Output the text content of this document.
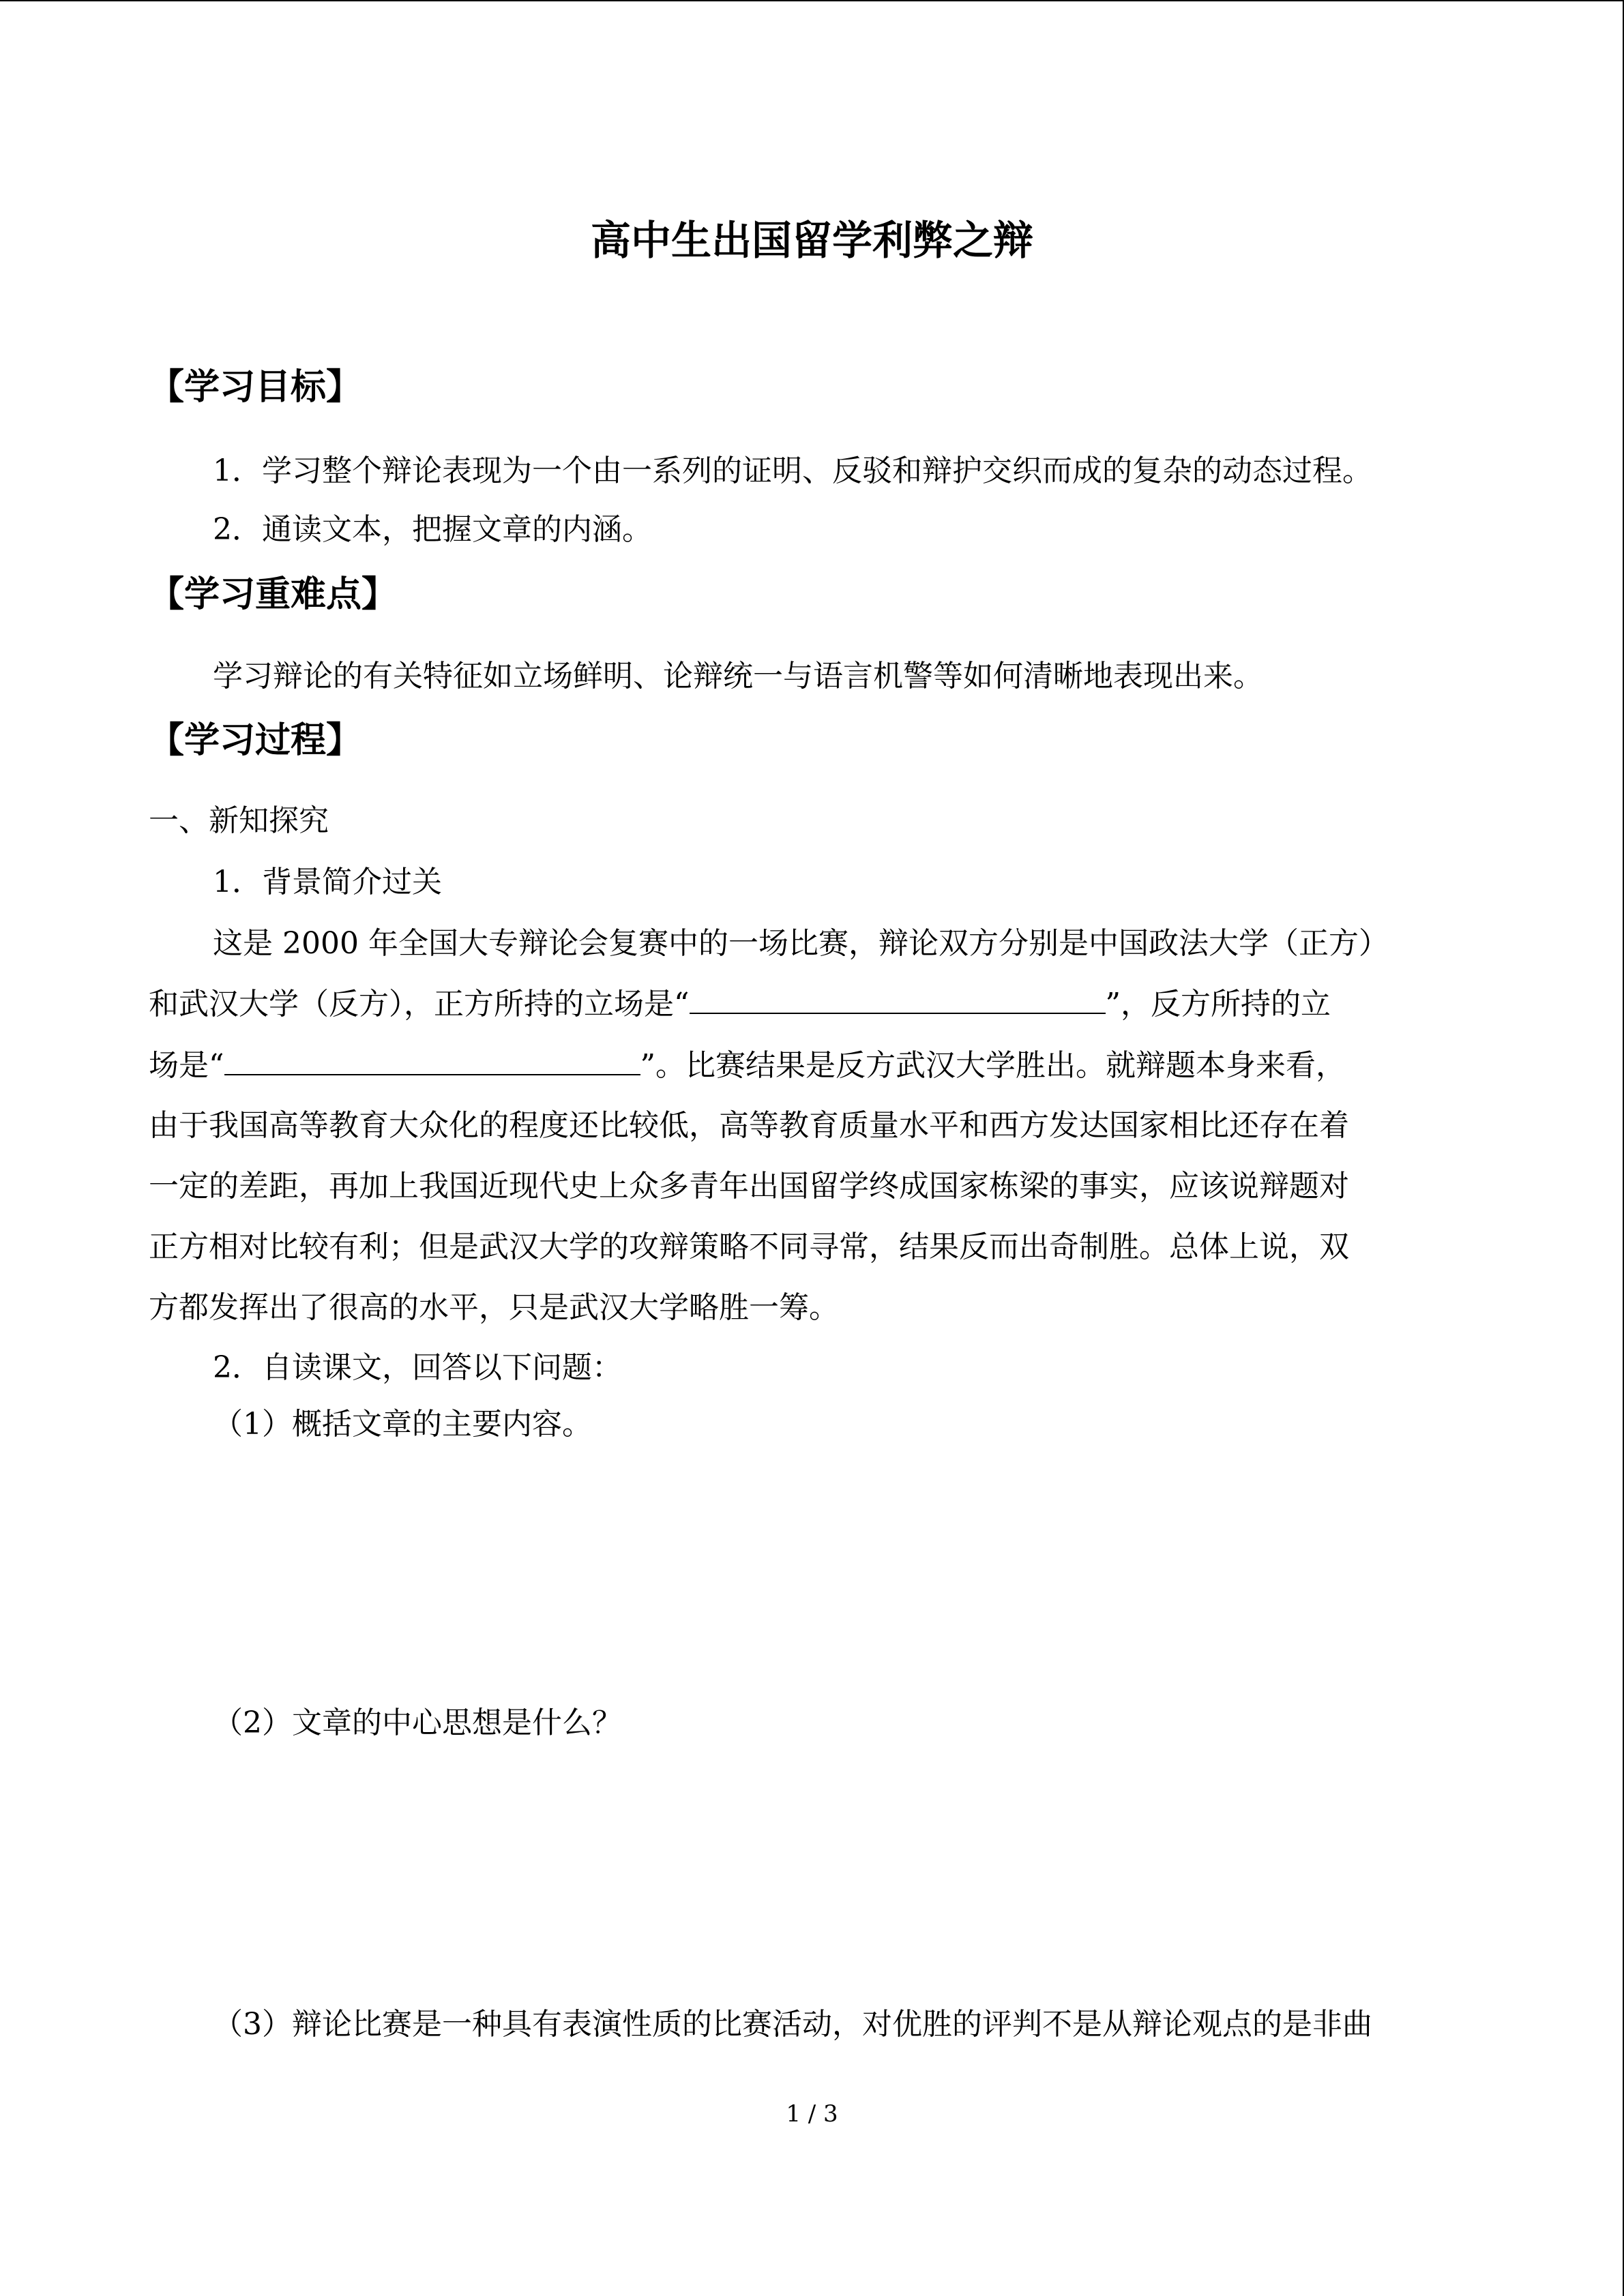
高中生出国留学利弊之辩
【学习目标】
1．学习整个辩论表现为一个由一系列的证明、反驳和辩护交织而成的复杂的动态过程。
2．通读文本，把握文章的内涵。
【学习重难点】
学习辩论的有关特征如立场鲜明、论辩统一与语言机警等如何清晰地表现出来。
【学习过程】
一、新知探究
1．背景简介过关
这是 2000 年全国大专辩论会复赛中的一场比赛，辩论双方分别是中国政法大学（正方）
和武汉大学（反方），正方所持的立场是“	”，反方所持的立
场是“	”。比赛结果是反方武汉大学胜出。就辩题本身来看，
由于我国高等教育大众化的程度还比较低，高等教育质量水平和西方发达国家相比还存在着
一定的差距，再加上我国近现代史上众多青年出国留学终成国家栋梁的事实，应该说辩题对
正方相对比较有利；但是武汉大学的攻辩策略不同寻常，结果反而出奇制胜。总体上说，双
方都发挥出了很高的水平，只是武汉大学略胜一筹。
2．自读课文，回答以下问题：
（1）概括文章的主要内容。
（2）文章的中心思想是什么？
（3）辩论比赛是一种具有表演性质的比赛活动，对优胜的评判不是从辩论观点的是非曲
1 / 3
